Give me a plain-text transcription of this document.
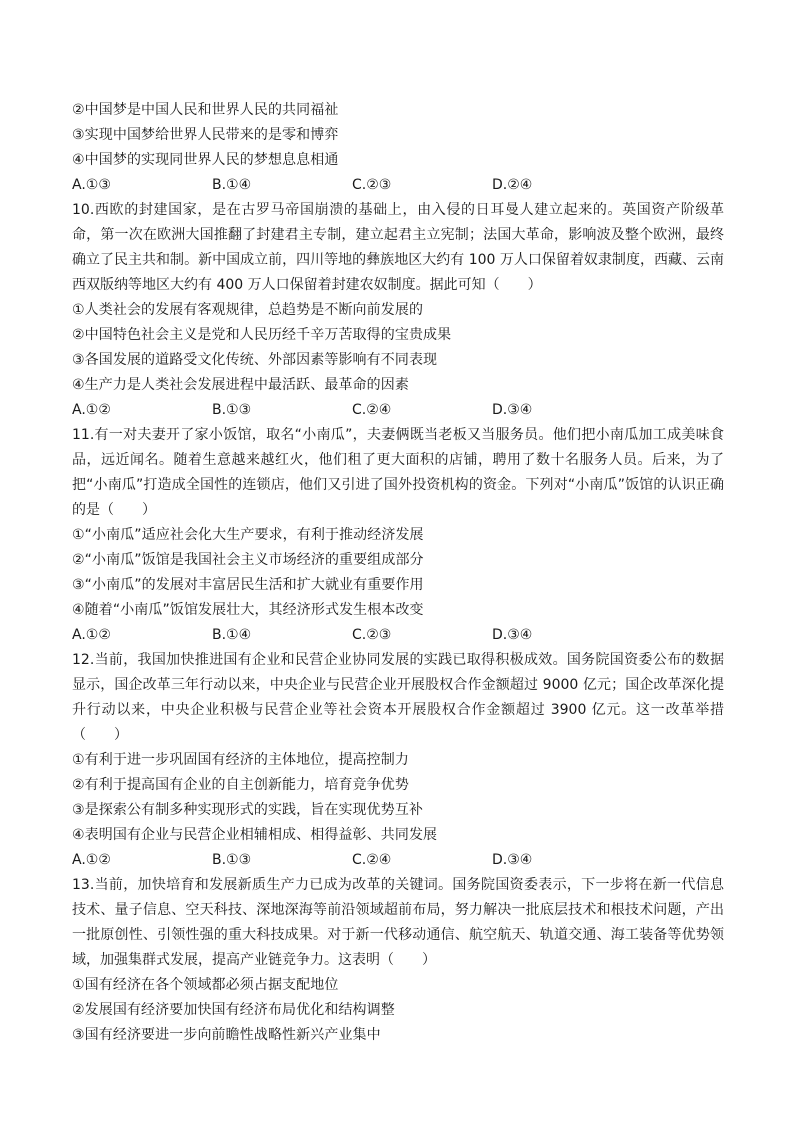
②中国梦是中国人民和世界人民的共同福祉
③实现中国梦给世界人民带来的是零和博弈
④中国梦的实现同世界人民的梦想息息相通
A.①③	B.①④	C.②③	D.②④
10.西欧的封建国家，是在古罗马帝国崩溃的基础上，由入侵的日耳曼人建立起来的。英国资产阶级革命，第一次在欧洲大国推翻了封建君主专制，建立起君主立宪制；法国大革命，影响波及整个欧洲，最终确立了民主共和制。新中国成立前，四川等地的彝族地区大约有 100 万人口保留着奴隶制度，西藏、云南西双版纳等地区大约有 400 万人口保留着封建农奴制度。据此可知（　　）
①人类社会的发展有客观规律，总趋势是不断向前发展的
②中国特色社会主义是党和人民历经千辛万苦取得的宝贵成果
③各国发展的道路受文化传统、外部因素等影响有不同表现
④生产力是人类社会发展进程中最活跃、最革命的因素
A.①②	B.①③	C.②④	D.③④
11.有一对夫妻开了家小饭馆，取名“小南瓜”，夫妻俩既当老板又当服务员。他们把小南瓜加工成美味食品，远近闻名。随着生意越来越红火，他们租了更大面积的店铺，聘用了数十名服务人员。后来，为了把“小南瓜”打造成全国性的连锁店，他们又引进了国外投资机构的资金。下列对“小南瓜”饭馆的认识正确的是（　　）
①“小南瓜”适应社会化大生产要求，有利于推动经济发展
②“小南瓜”饭馆是我国社会主义市场经济的重要组成部分
③“小南瓜”的发展对丰富居民生活和扩大就业有重要作用
④随着“小南瓜”饭馆发展壮大，其经济形式发生根本改变
A.①②	B.①④	C.②③	D.③④
12.当前，我国加快推进国有企业和民营企业协同发展的实践已取得积极成效。国务院国资委公布的数据显示，国企改革三年行动以来，中央企业与民营企业开展股权合作金额超过 9000 亿元；国企改革深化提升行动以来，中央企业积极与民营企业等社会资本开展股权合作金额超过 3900 亿元。这一改革举措（　　）
①有利于进一步巩固国有经济的主体地位，提高控制力
②有利于提高国有企业的自主创新能力，培育竞争优势
③是探索公有制多种实现形式的实践，旨在实现优势互补
④表明国有企业与民营企业相辅相成、相得益彰、共同发展
A.①②	B.①③	C.②④	D.③④
13.当前，加快培育和发展新质生产力已成为改革的关键词。国务院国资委表示，下一步将在新一代信息技术、量子信息、空天科技、深地深海等前沿领域超前布局，努力解决一批底层技术和根技术问题，产出一批原创性、引领性强的重大科技成果。对于新一代移动通信、航空航天、轨道交通、海工装备等优势领域，加强集群式发展，提高产业链竞争力。这表明（　　）
①国有经济在各个领域都必须占据支配地位
②发展国有经济要加快国有经济布局优化和结构调整
③国有经济要进一步向前瞻性战略性新兴产业集中
